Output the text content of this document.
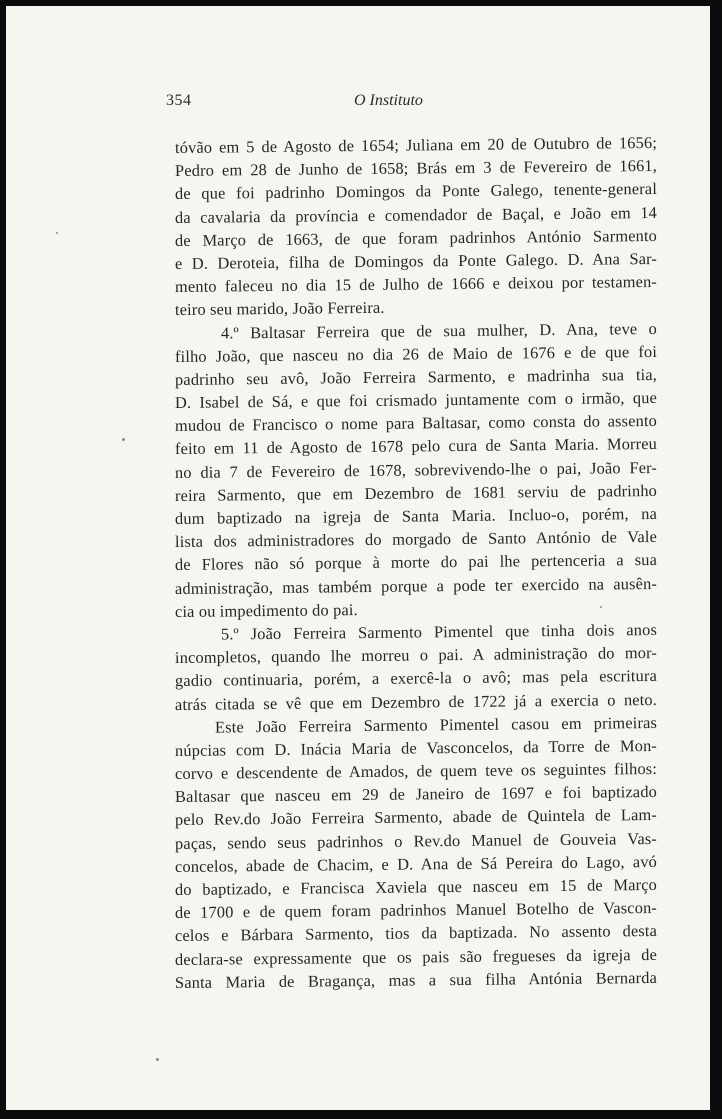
354	O Instituto
tóvão em 5 de Agosto de 1654; Juliana em 20 de Outubro de 1656;
Pedro em 28 de Junho de 1658; Brás em 3 de Fevereiro de 1661,
de que foi padrinho Domingos da Ponte Galego, tenente-general
da cavalaria da província e comendador de Baçal, e João em 14
de Março de 1663, de que foram padrinhos António Sarmento
e D. Deroteia, filha de Domingos da Ponte Galego. D. Ana Sar-
mento faleceu no dia 15 de Julho de 1666 e deixou por testamen-
teiro seu marido, João Ferreira.
4.º Baltasar Ferreira que de sua mulher, D. Ana, teve o
filho João, que nasceu no dia 26 de Maio de 1676 e de que foi
padrinho seu avô, João Ferreira Sarmento, e madrinha sua tia,
D. Isabel de Sá, e que foi crismado juntamente com o irmão, que
mudou de Francisco o nome para Baltasar, como consta do assento
feito em 11 de Agosto de 1678 pelo cura de Santa Maria. Morreu
no dia 7 de Fevereiro de 1678, sobrevivendo-lhe o pai, João Fer-
reira Sarmento, que em Dezembro de 1681 serviu de padrinho
dum baptizado na igreja de Santa Maria. Incluo-o, porém, na
lista dos administradores do morgado de Santo António de Vale
de Flores não só porque à morte do pai lhe pertenceria a sua
administração, mas também porque a pode ter exercido na ausên-
cia ou impedimento do pai.
5.º João Ferreira Sarmento Pimentel que tinha dois anos
incompletos, quando lhe morreu o pai. A administração do mor-
gadio continuaria, porém, a exercê-la o avô; mas pela escritura
atrás citada se vê que em Dezembro de 1722 já a exercia o neto.
Este João Ferreira Sarmento Pimentel casou em primeiras
núpcias com D. Inácia Maria de Vasconcelos, da Torre de Mon-
corvo e descendente de Amados, de quem teve os seguintes filhos:
Baltasar que nasceu em 29 de Janeiro de 1697 e foi baptizado
pelo Rev.do João Ferreira Sarmento, abade de Quintela de Lam-
paças, sendo seus padrinhos o Rev.do Manuel de Gouveia Vas-
concelos, abade de Chacim, e D. Ana de Sá Pereira do Lago, avó
do baptizado, e Francisca Xaviela que nasceu em 15 de Março
de 1700 e de quem foram padrinhos Manuel Botelho de Vascon-
celos e Bárbara Sarmento, tios da baptizada. No assento desta
declara-se expressamente que os pais são fregueses da igreja de
Santa Maria de Bragança, mas a sua filha Antónia Bernarda
